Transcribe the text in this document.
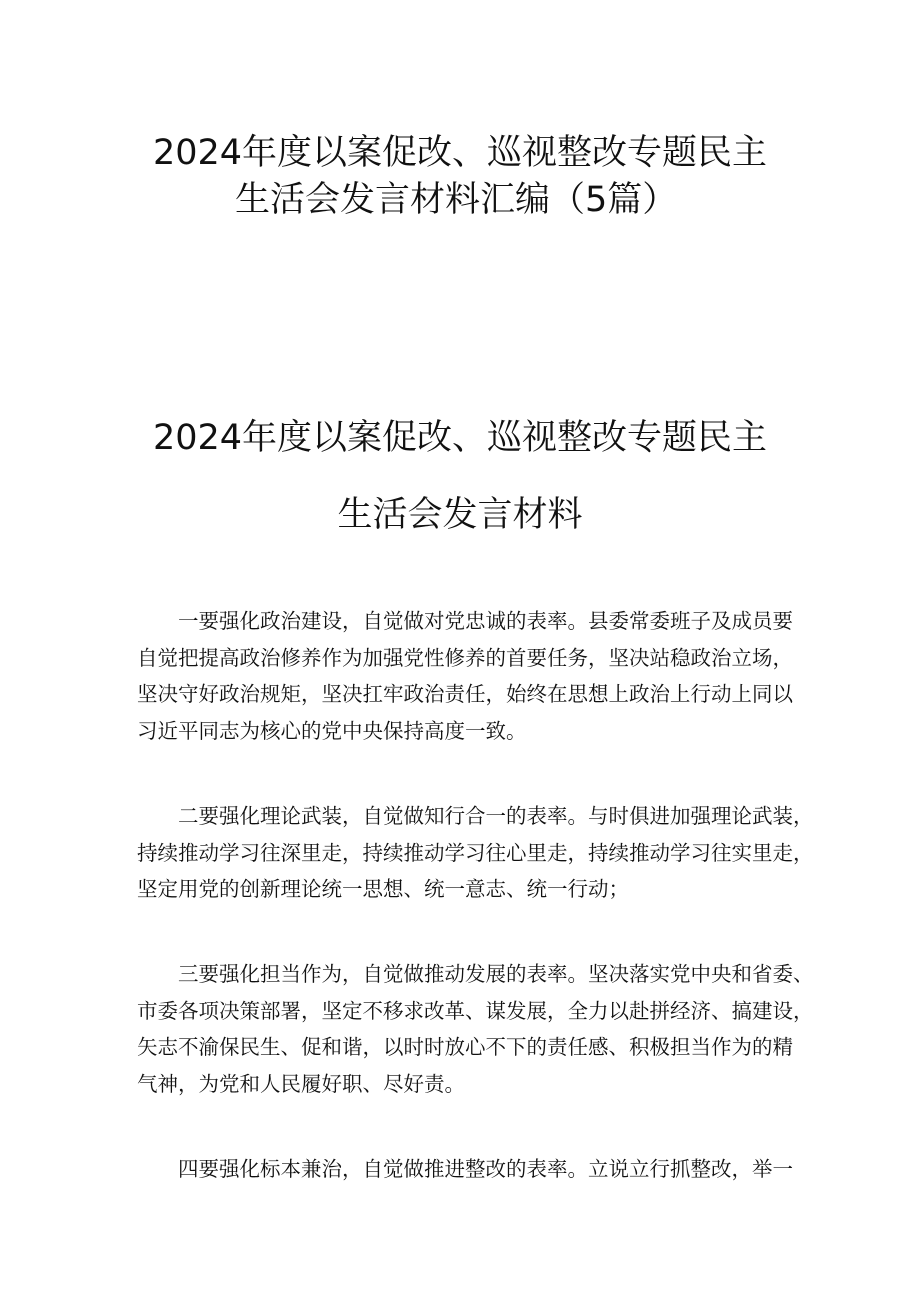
2024年度以案促改、巡视整改专题民主
生活会发言材料汇编（5篇）
2024年度以案促改、巡视整改专题民主
生活会发言材料

一要强化政治建设，自觉做对党忠诚的表率。县委常委班子及成员要
自觉把提高政治修养作为加强党性修养的首要任务，坚决站稳政治立场，
坚决守好政治规矩，坚决扛牢政治责任，始终在思想上政治上行动上同以
习近平同志为核心的党中央保持高度一致。

二要强化理论武装，自觉做知行合一的表率。与时俱进加强理论武装，
持续推动学习往深里走，持续推动学习往心里走，持续推动学习往实里走，
坚定用党的创新理论统一思想、统一意志、统一行动；

三要强化担当作为，自觉做推动发展的表率。坚决落实党中央和省委、
市委各项决策部署，坚定不移求改革、谋发展，全力以赴拼经济、搞建设，
矢志不渝保民生、促和谐，以时时放心不下的责任感、积极担当作为的精
气神，为党和人民履好职、尽好责。

四要强化标本兼治，自觉做推进整改的表率。立说立行抓整改，举一
